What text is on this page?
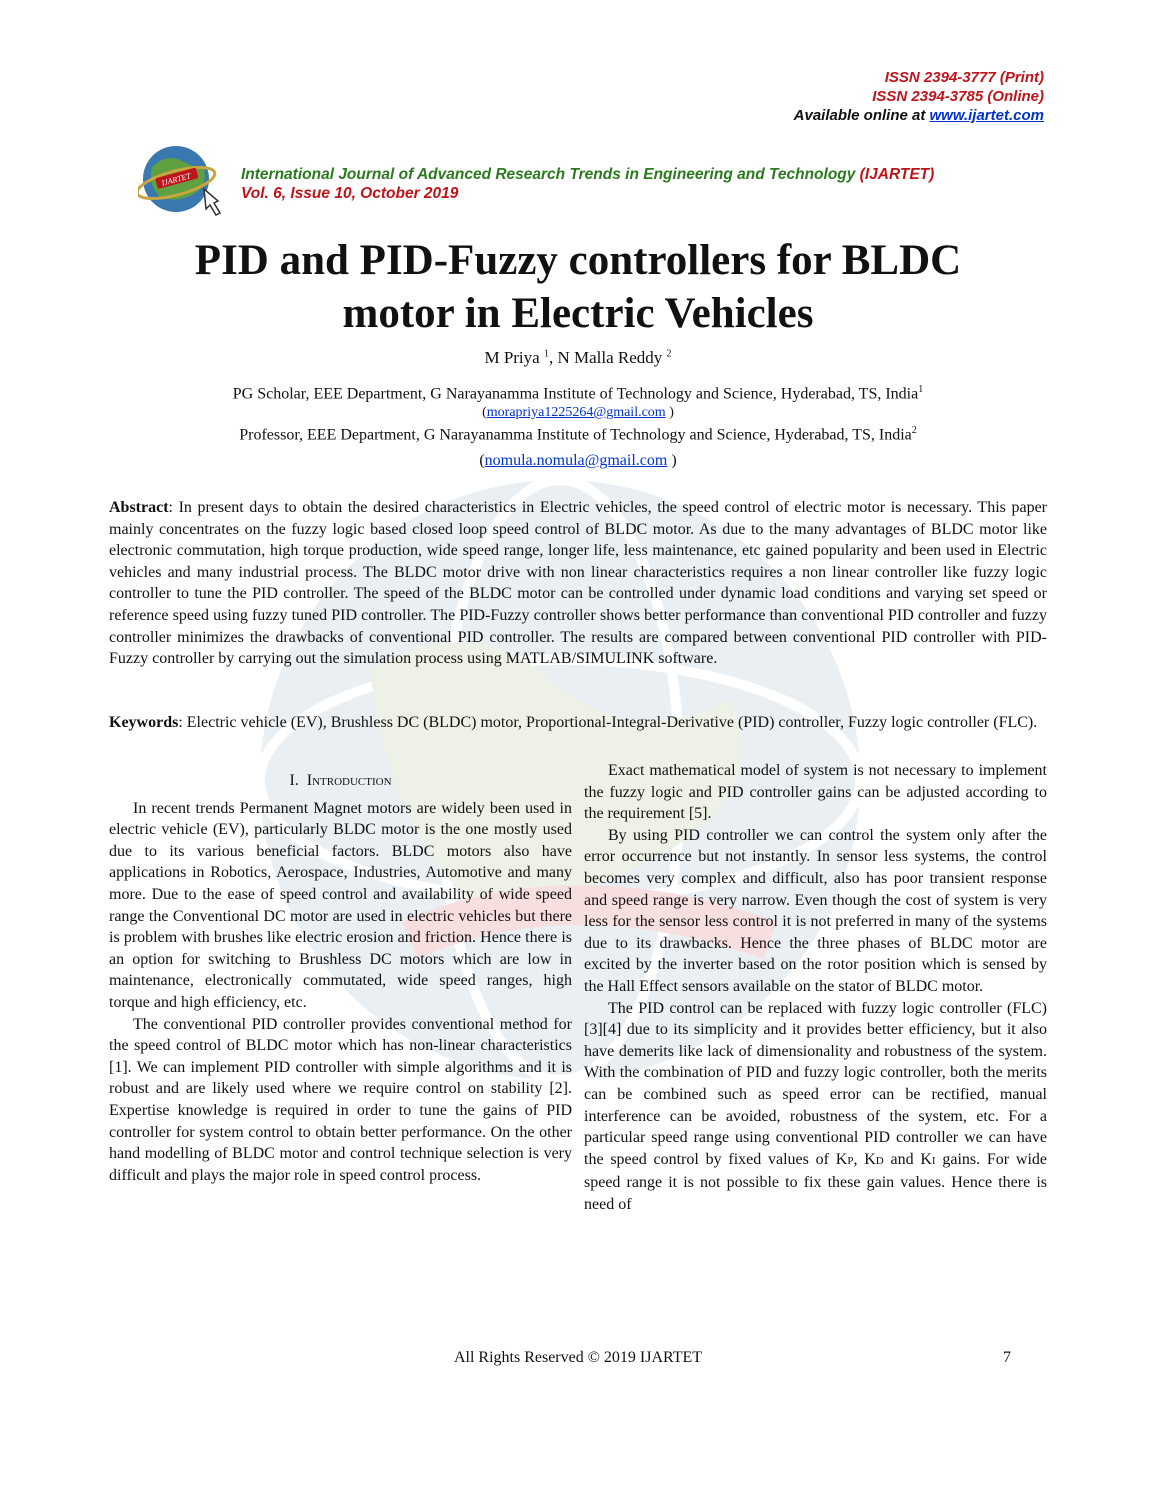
ISSN 2394-3777 (Print)
ISSN 2394-3785 (Online)
Available online at www.ijartet.com
IJARTET	International Journal of Advanced Research Trends in Engineering and Technology (IJARTET)
Vol. 6, Issue 10, October 2019
PID and PID-Fuzzy controllers for BLDC
motor in Electric Vehicles
M Priya $^1$, N Malla Reddy $^2$
PG Scholar, EEE Department, G Narayanamma Institute of Technology and Science, Hyderabad, TS, India$^1$
(morapriya1225264@gmail.com )
Professor, EEE Department, G Narayanamma Institute of Technology and Science, Hyderabad, TS, India$^2$
(nomula.nomula@gmail.com )

Abstract: In present days to obtain the desired characteristics in Electric vehicles, the speed control of electric motor is necessary. This paper mainly concentrates on the fuzzy logic based closed loop speed control of BLDC motor. As due to the many advantages of BLDC motor like electronic commutation, high torque production, wide speed range, longer life, less maintenance, etc gained popularity and been used in Electric vehicles and many industrial process. The BLDC motor drive with non linear characteristics requires a non linear controller like fuzzy logic controller to tune the PID controller. The speed of the BLDC motor can be controlled under dynamic load conditions and varying set speed or reference speed using fuzzy tuned PID controller. The PID-Fuzzy controller shows better performance than conventional PID controller and fuzzy controller minimizes the drawbacks of conventional PID controller. The results are compared between conventional PID controller with PID-Fuzzy controller by carrying out the simulation process using MATLAB/SIMULINK software.

Keywords: Electric vehicle (EV), Brushless DC (BLDC) motor, Proportional-Integral-Derivative (PID) controller, Fuzzy logic controller (FLC).

I. Introduction

In recent trends Permanent Magnet motors are widely been used in electric vehicle (EV), particularly BLDC motor is the one mostly used due to its various beneficial factors. BLDC motors also have applications in Robotics, Aerospace, Industries, Automotive and many more. Due to the ease of speed control and availability of wide speed range the Conventional DC motor are used in electric vehicles but there is problem with brushes like electric erosion and friction. Hence there is an option for switching to Brushless DC motors which are low in maintenance, electronically commutated, wide speed ranges, high torque and high efficiency, etc.

The conventional PID controller provides conventional method for the speed control of BLDC motor which has non-linear characteristics [1]. We can implement PID controller with simple algorithms and it is robust and are likely used where we require control on stability [2]. Expertise knowledge is required in order to tune the gains of PID controller for system control to obtain better performance. On the other hand modelling of BLDC motor and control technique selection is very difficult and plays the major role in speed control process.

Exact mathematical model of system is not necessary to implement the fuzzy logic and PID controller gains can be adjusted according to the requirement [5].

By using PID controller we can control the system only after the error occurrence but not instantly. In sensor less systems, the control becomes very complex and difficult, also has poor transient response and speed range is very narrow. Even though the cost of system is very less for the sensor less control it is not preferred in many of the systems due to its drawbacks. Hence the three phases of BLDC motor are excited by the inverter based on the rotor position which is sensed by the Hall Effect sensors available on the stator of BLDC motor.

The PID control can be replaced with fuzzy logic controller (FLC) [3][4] due to its simplicity and it provides better efficiency, but it also have demerits like lack of dimensionality and robustness of the system. With the combination of PID and fuzzy logic controller, both the merits can be combined such as speed error can be rectified, manual interference can be avoided, robustness of the system, etc. For a particular speed range using conventional PID controller we can have the speed control by fixed values of KP, KD and KI gains. For wide speed range it is not possible to fix these gain values. Hence there is need of

All Rights Reserved © 2019 IJARTET	7
